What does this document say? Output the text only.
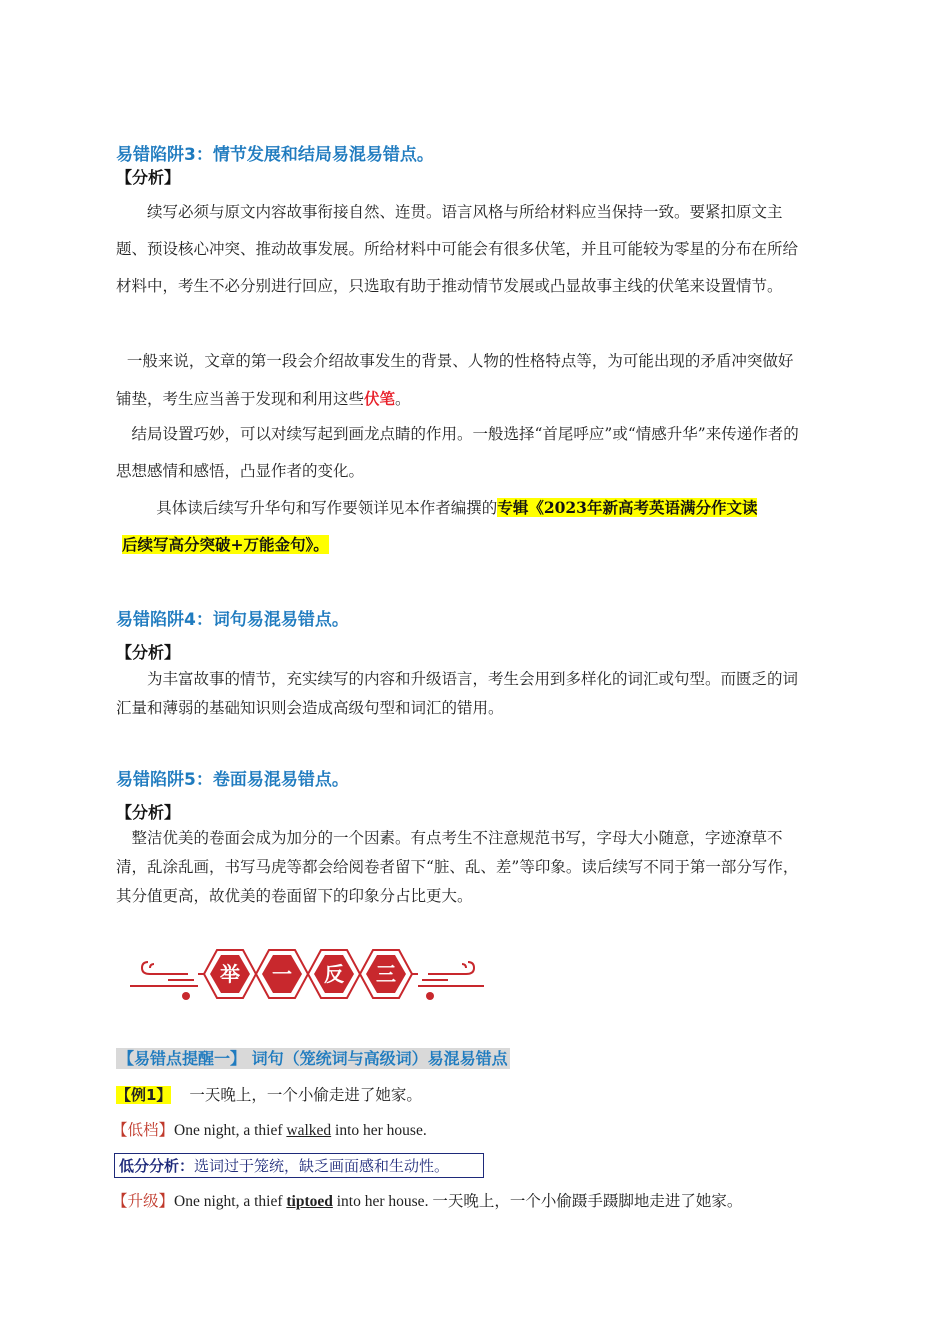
易错陷阱3：情节发展和结局易混易错点。
【分析】
续写必须与原文内容故事衔接自然、连贯。语言风格与所给材料应当保持一致。要紧扣原文主题、预设核心冲突、推动故事发展。所给材料中可能会有很多伏笔，并且可能较为零星的分布在所给材料中，考生不必分别进行回应，只选取有助于推动情节发展或凸显故事主线的伏笔来设置情节。
一般来说，文章的第一段会介绍故事发生的背景、人物的性格特点等，为可能出现的矛盾冲突做好铺垫，考生应当善于发现和利用这些伏笔。
结局设置巧妙，可以对续写起到画龙点睛的作用。一般选择“首尾呼应”或“情感升华”来传递作者的思想感情和感悟，凸显作者的变化。
具体读后续写升华句和写作要领详见本作者编撰的专辑《2023年新高考英语满分作文读
后续写高分突破+万能金句》。
易错陷阱4：词句易混易错点。
【分析】
为丰富故事的情节，充实续写的内容和升级语言，考生会用到多样化的词汇或句型。而匮乏的词汇量和薄弱的基础知识则会造成高级句型和词汇的错用。
易错陷阱5：卷面易混易错点。
【分析】
整洁优美的卷面会成为加分的一个因素。有点考生不注意规范书写，字母大小随意，字迹潦草不清，乱涂乱画，书写马虎等都会给阅卷者留下“脏、乱、差”等印象。读后续写不同于第一部分写作，其分值更高，故优美的卷面留下的印象分占比更大。
举 一 反 三
【易错点提醒一】 词句（笼统词与高级词）易混易错点
【例1】 一天晚上，一个小偷走进了她家。
【低档】One night, a thief walked into her house.
低分分析：选词过于笼统，缺乏画面感和生动性。
【升级】One night, a thief tiptoed into her house. 一天晚上，一个小偷蹑手蹑脚地走进了她家。
